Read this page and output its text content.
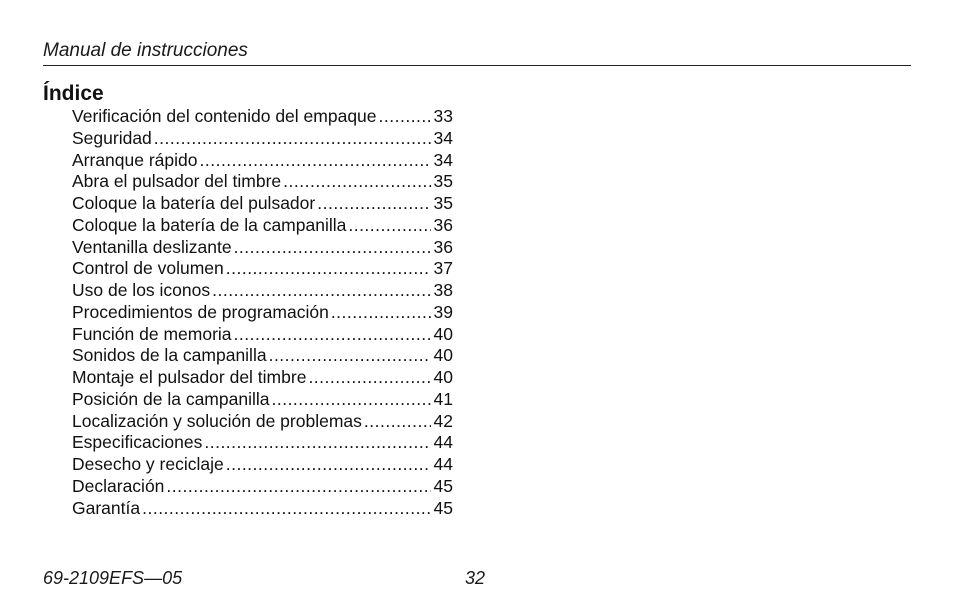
Manual de instrucciones
Índice
Verificación del contenido del empaque .....	33
Seguridad .....	34
Arranque rápido .....	34
Abra el pulsador del timbre .....	35
Coloque la batería del pulsador .....	35
Coloque la batería de la campanilla .....	36
Ventanilla deslizante .....	36
Control de volumen .....	37
Uso de los iconos .....	38
Procedimientos de programación .....	39
Función de memoria .....	40
Sonidos de la campanilla .....	40
Montaje el pulsador del timbre .....	40
Posición de la campanilla .....	41
Localización y solución de problemas .....	42
Especificaciones .....	44
Desecho y reciclaje .....	44
Declaración .....	45
Garantía .....	45
69-2109EFS—05	32
